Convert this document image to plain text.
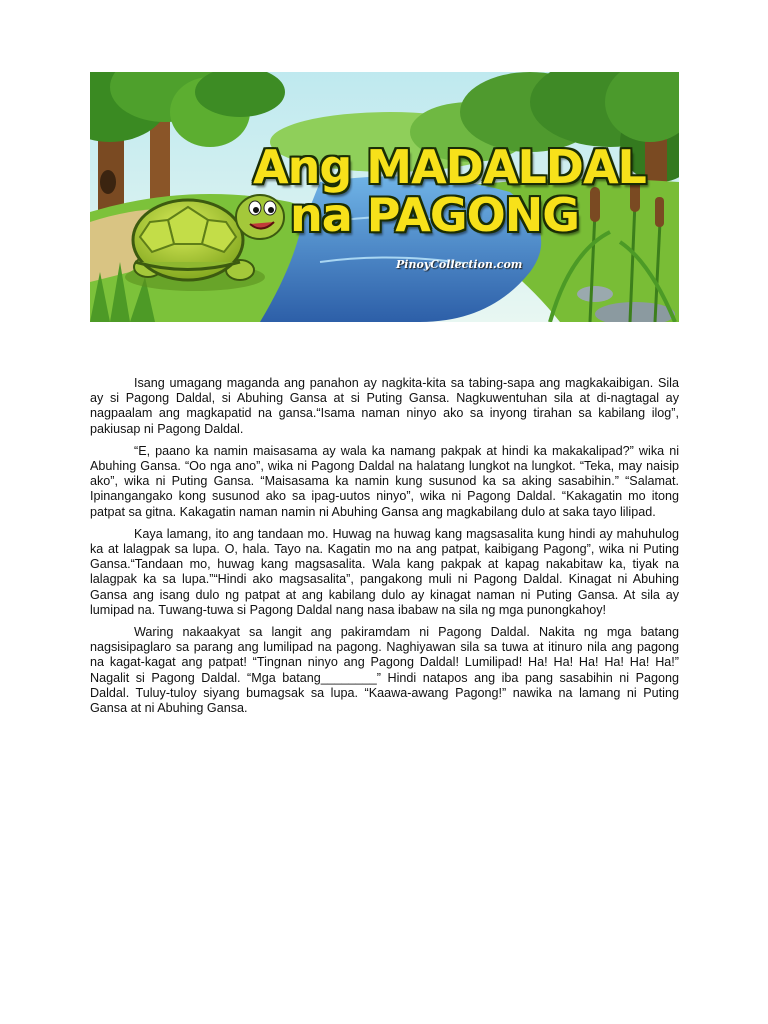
Ang MADALDAL
na PAGONG
PinoyCollection.com

Isang umagang maganda ang panahon ay nagkita-kita sa tabing-sapa ang magkakaibigan. Sila ay si Pagong Daldal, si Abuhing Gansa at si Puting Gansa. Nagkuwentuhan sila at di-nagtagal ay nagpaalam ang magkapatid na gansa.“Isama naman ninyo ako sa inyong tirahan sa kabilang ilog”, pakiusap ni Pagong Daldal.

“E, paano ka namin maisasama ay wala ka namang pakpak at hindi ka makakalipad?” wika ni Abuhing Gansa. “Oo nga ano”, wika ni Pagong Daldal na halatang lungkot na lungkot. “Teka, may naisip ako”, wika ni Puting Gansa. “Maisasama ka namin kung susunod ka sa aking sasabihin.” “Salamat. Ipinangangako kong susunod ako sa ipag-uutos ninyo”, wika ni Pagong Daldal. “Kakagatin mo itong patpat sa gitna. Kakagatin naman namin ni Abuhing Gansa ang magkabilang dulo at saka tayo lilipad.

Kaya lamang, ito ang tandaan mo. Huwag na huwag kang magsasalita kung hindi ay mahuhulog ka at lalagpak sa lupa. O, hala. Tayo na. Kagatin mo na ang patpat, kaibigang Pagong”, wika ni Puting Gansa.“Tandaan mo, huwag kang magsasalita. Wala kang pakpak at kapag nakabitaw ka, tiyak na lalagpak ka sa lupa.”“Hindi ako magsasalita”, pangakong muli ni Pagong Daldal. Kinagat ni Abuhing Gansa ang isang dulo ng patpat at ang kabilang dulo ay kinagat naman ni Puting Gansa. At sila ay lumipad na. Tuwang-tuwa si Pagong Daldal nang nasa ibabaw na sila ng mga punongkahoy!

Waring nakaakyat sa langit ang pakiramdam ni Pagong Daldal. Nakita ng mga batang nagsisipaglaro sa parang ang lumilipad na pagong. Naghiyawan sila sa tuwa at itinuro nila ang pagong na kagat-kagat ang patpat! “Tingnan ninyo ang Pagong Daldal! Lumilipad! Ha! Ha! Ha! Ha! Ha! Ha!” Nagalit si Pagong Daldal. “Mga batang________” Hindi natapos ang iba pang sasabihin ni Pagong Daldal. Tuluy-tuloy siyang bumagsak sa lupa. “Kaawa-awang Pagong!” nawika na lamang ni Puting Gansa at ni Abuhing Gansa.
